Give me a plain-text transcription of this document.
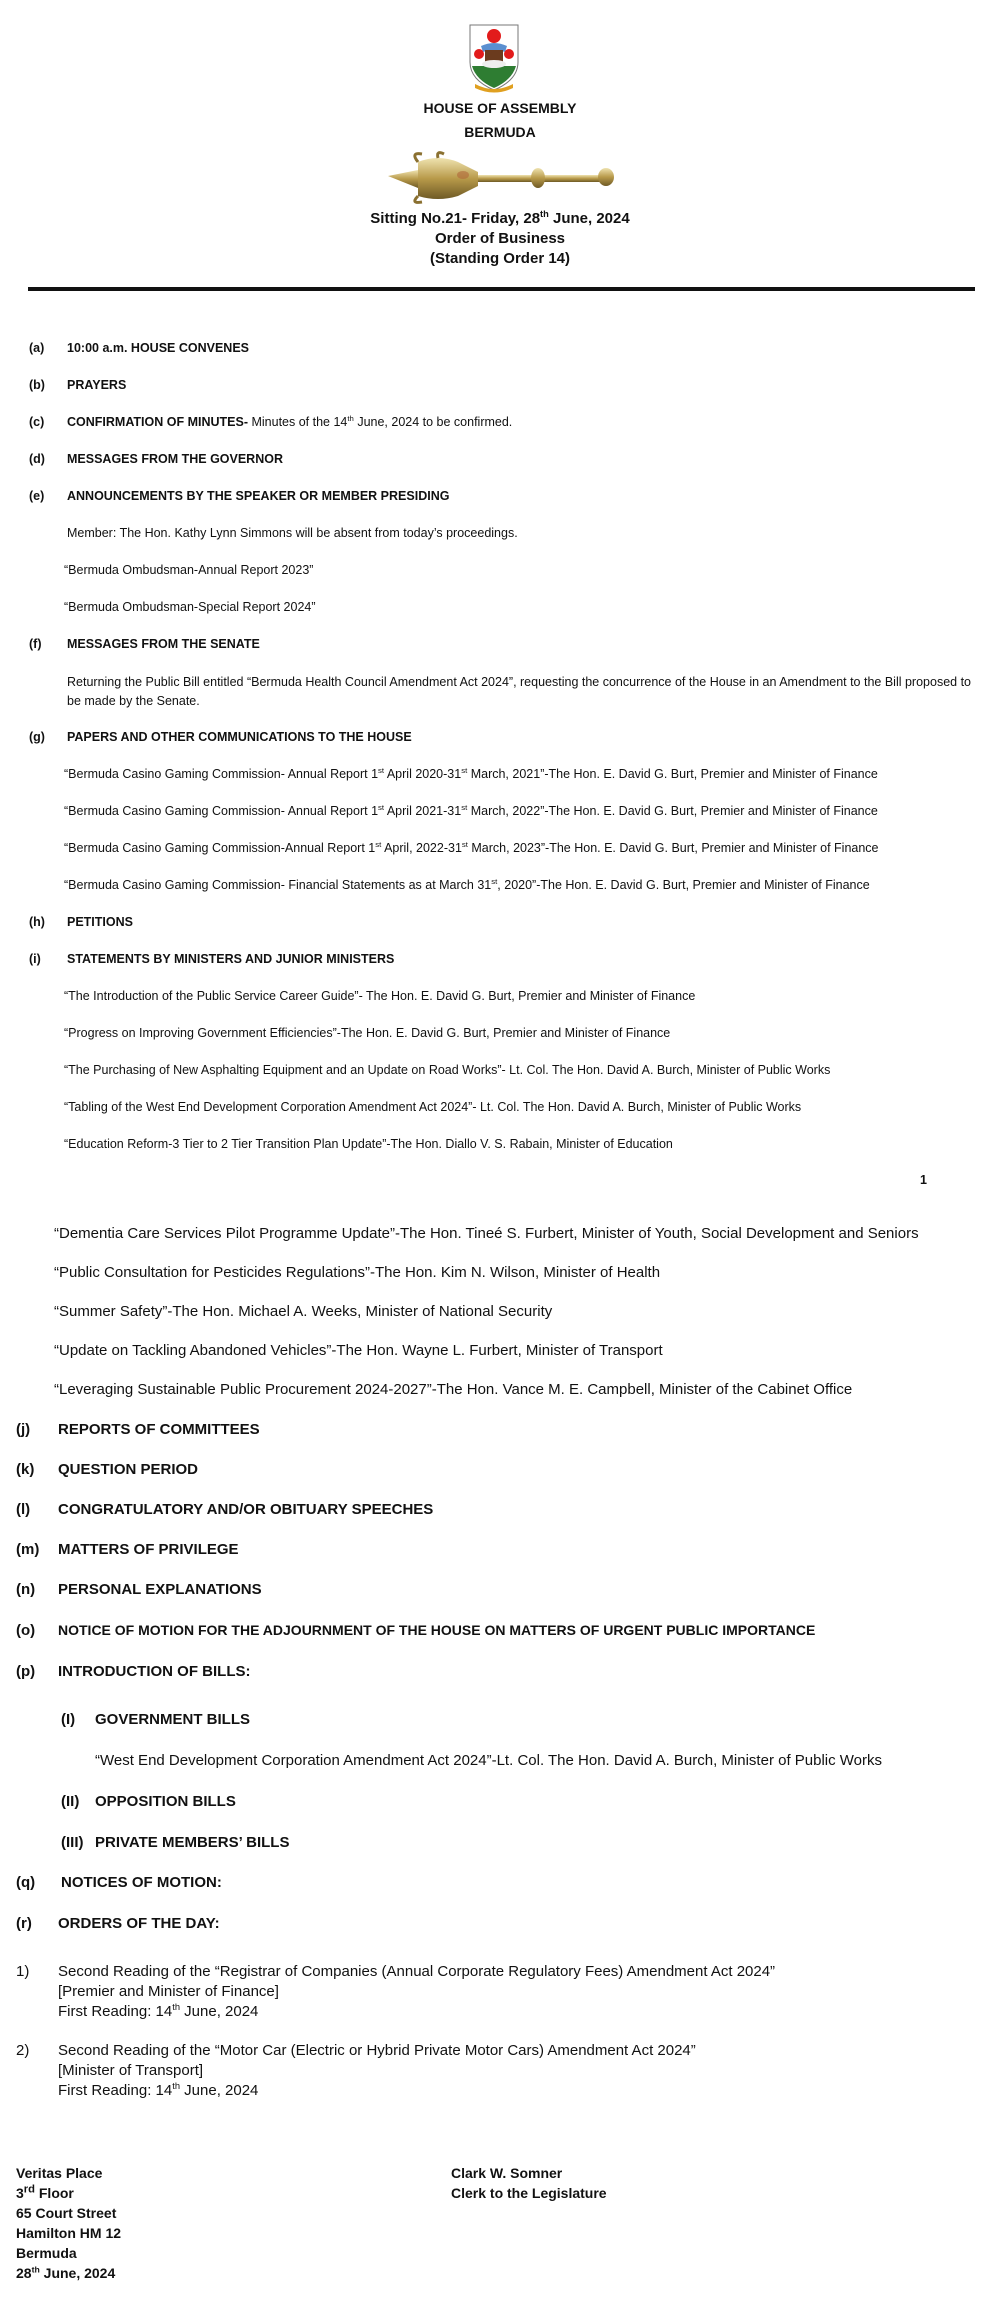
HOUSE OF ASSEMBLY
BERMUDA
Sitting No.21- Friday, 28th June, 2024
Order of Business
(Standing Order 14)
(a) 10:00 a.m. HOUSE CONVENES
(b) PRAYERS
(c) CONFIRMATION OF MINUTES- Minutes of the 14th June, 2024 to be confirmed.
(d) MESSAGES FROM THE GOVERNOR
(e) ANNOUNCEMENTS BY THE SPEAKER OR MEMBER PRESIDING
Member: The Hon. Kathy Lynn Simmons will be absent from today’s proceedings.
“Bermuda Ombudsman-Annual Report 2023”
“Bermuda Ombudsman-Special Report 2024”
(f) MESSAGES FROM THE SENATE
Returning the Public Bill entitled “Bermuda Health Council Amendment Act 2024”, requesting the concurrence of the House in an Amendment to the Bill proposed to be made by the Senate.
(g) PAPERS AND OTHER COMMUNICATIONS TO THE HOUSE
“Bermuda Casino Gaming Commission- Annual Report 1st April 2020-31st March, 2021”-The Hon. E. David G. Burt, Premier and Minister of Finance
“Bermuda Casino Gaming Commission- Annual Report 1st April 2021-31st March, 2022”-The Hon. E. David G. Burt, Premier and Minister of Finance
“Bermuda Casino Gaming Commission-Annual Report 1st April, 2022-31st March, 2023”-The Hon. E. David G. Burt, Premier and Minister of Finance
“Bermuda Casino Gaming Commission- Financial Statements as at March 31st, 2020”-The Hon. E. David G. Burt, Premier and Minister of Finance
(h) PETITIONS
(i) STATEMENTS BY MINISTERS AND JUNIOR MINISTERS
“The Introduction of the Public Service Career Guide”- The Hon. E. David G. Burt, Premier and Minister of Finance
“Progress on Improving Government Efficiencies”-The Hon. E. David G. Burt, Premier and Minister of Finance
“The Purchasing of New Asphalting Equipment and an Update on Road Works”- Lt. Col. The Hon. David A. Burch, Minister of Public Works
“Tabling of the West End Development Corporation Amendment Act 2024”- Lt. Col. The Hon. David A. Burch, Minister of Public Works
“Education Reform-3 Tier to 2 Tier Transition Plan Update”-The Hon. Diallo V. S. Rabain, Minister of Education
1
“Dementia Care Services Pilot Programme Update”-The Hon. Tineé S. Furbert, Minister of Youth, Social Development and Seniors
“Public Consultation for Pesticides Regulations”-The Hon. Kim N. Wilson, Minister of Health
“Summer Safety”-The Hon. Michael A. Weeks, Minister of National Security
“Update on Tackling Abandoned Vehicles”-The Hon. Wayne L. Furbert, Minister of Transport
“Leveraging Sustainable Public Procurement 2024-2027”-The Hon. Vance M. E. Campbell, Minister of the Cabinet Office
(j) REPORTS OF COMMITTEES
(k) QUESTION PERIOD
(l) CONGRATULATORY AND/OR OBITUARY SPEECHES
(m) MATTERS OF PRIVILEGE
(n) PERSONAL EXPLANATIONS
(o) NOTICE OF MOTION FOR THE ADJOURNMENT OF THE HOUSE ON MATTERS OF URGENT PUBLIC IMPORTANCE
(p) INTRODUCTION OF BILLS:
(I) GOVERNMENT BILLS
“West End Development Corporation Amendment Act 2024”-Lt. Col. The Hon. David A. Burch, Minister of Public Works
(II) OPPOSITION BILLS
(III) PRIVATE MEMBERS’ BILLS
(q) NOTICES OF MOTION:
(r) ORDERS OF THE DAY:
1) Second Reading of the “Registrar of Companies (Annual Corporate Regulatory Fees) Amendment Act 2024”
[Premier and Minister of Finance]
First Reading: 14th June, 2024
2) Second Reading of the “Motor Car (Electric or Hybrid Private Motor Cars) Amendment Act 2024”
[Minister of Transport]
First Reading: 14th June, 2024
Veritas Place
3rd Floor
65 Court Street
Hamilton HM 12
Bermuda
28th June, 2024
Clark W. Somner
Clerk to the Legislature
